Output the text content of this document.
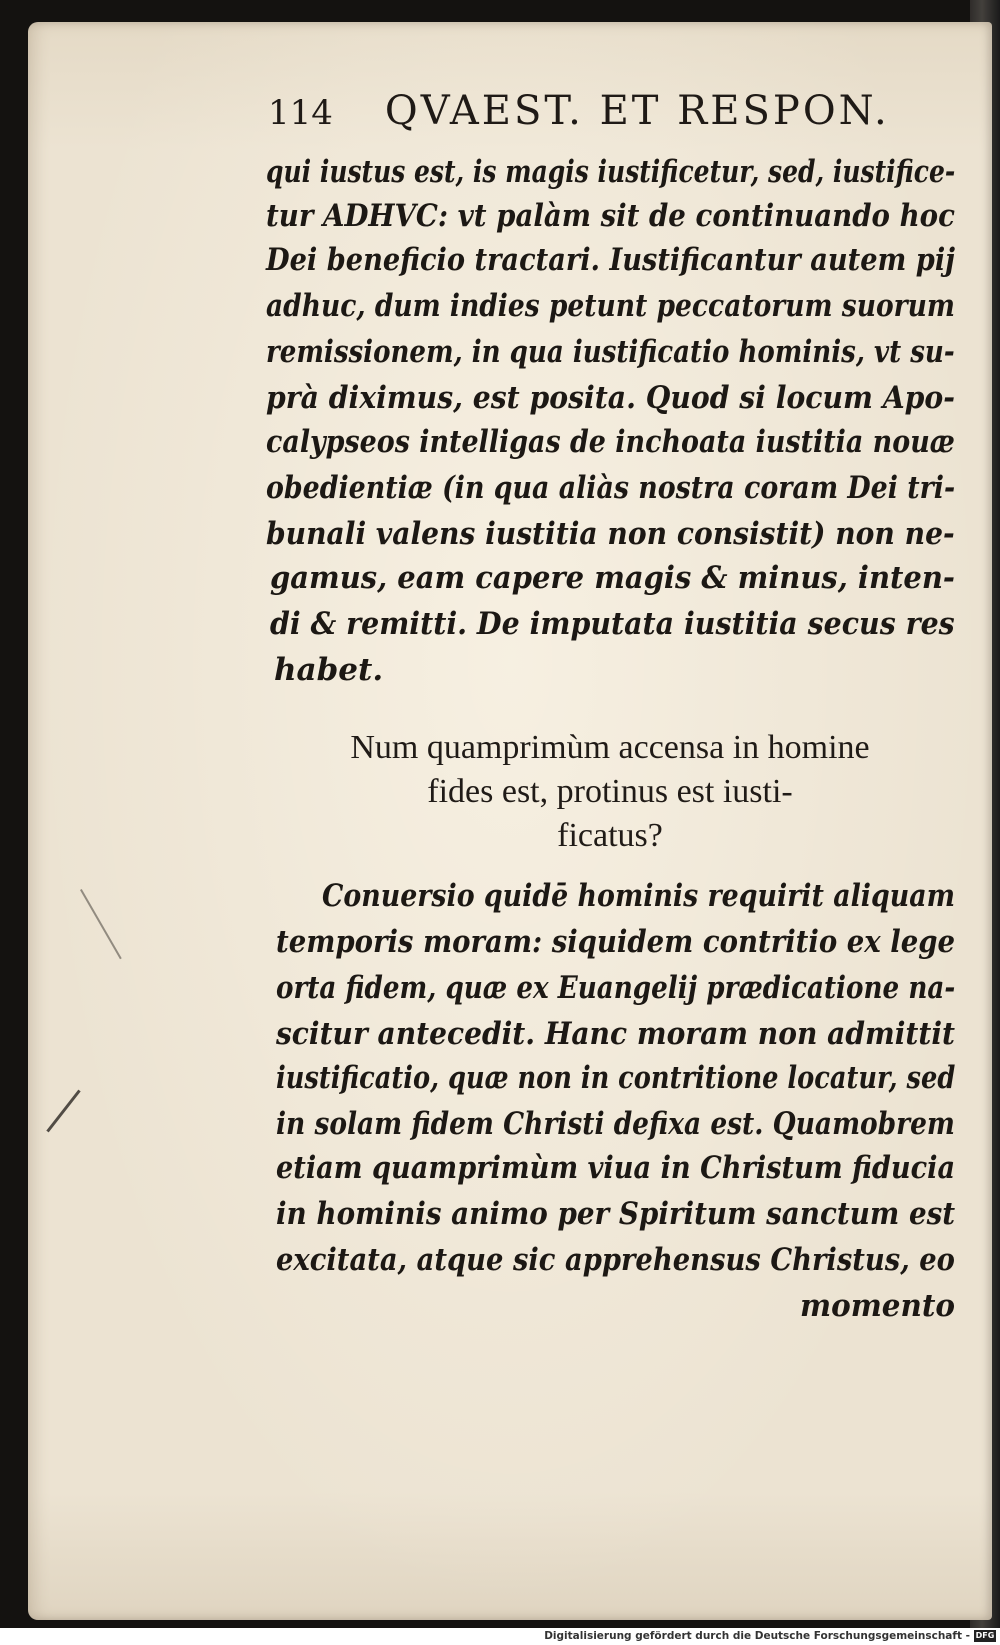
114 QVAEST. ET RESPON.
qui iustus est, is magis iustificetur, sed, iustifice-
tur ADHVC: vt palàm sit de continuando hoc
Dei beneficio tractari. Iustificantur autem pij
adhuc, dum indies petunt peccatorum suorum
remissionem, in qua iustificatio hominis, vt su-
prà diximus, est posita. Quod si locum Apo-
calypseos intelligas de inchoata iustitia nouæ
obedientiæ (in qua aliàs nostra coram Dei tri-
bunali valens iustitia non consistit) non ne-
gamus, eam capere magis & minus, inten-
di & remitti. De imputata iustitia secus res
habet.
Num quamprimùm accensa in homine
fides est, protinus est iusti-
ficatus?
Conuersio quidē hominis requirit aliquam
temporis moram: siquidem contritio ex lege
orta fidem, quæ ex Euangelij prædicatione na-
scitur antecedit. Hanc moram non admittit
iustificatio, quæ non in contritione locatur, sed
in solam fidem Christi defixa est. Quamobrem
etiam quamprimùm viua in Christum fiducia
in hominis animo per Spiritum sanctum est
excitata, atque sic apprehensus Christus, eo
momento
Digitalisierung gefördert durch die Deutsche Forschungsgemeinschaft - DFG
